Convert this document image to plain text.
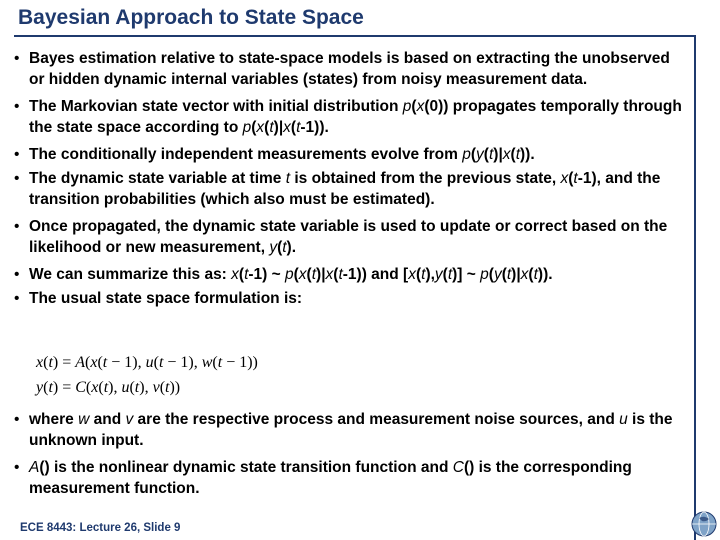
Bayesian Approach to State Space
• Bayes estimation relative to state-space models is based on extracting the unobserved or hidden dynamic internal variables (states) from noisy measurement data.
• The Markovian state vector with initial distribution p(x(0)) propagates temporally through the state space according to p(x(t)|x(t-1)).
• The conditionally independent measurements evolve from p(y(t)|x(t)).
• The dynamic state variable at time t is obtained from the previous state, x(t-1), and the transition probabilities (which also must be estimated).
• Once propagated, the dynamic state variable is used to update or correct based on the likelihood or new measurement, y(t).
• We can summarize this as: x(t-1) ~ p(x(t)|x(t-1)) and [x(t),y(t)] ~ p(y(t)|x(t)).
• The usual state space formulation is:
x(t) = A(x(t − 1), u(t − 1), w(t − 1))
y(t) = C(x(t), u(t), v(t))
• where w and v are the respective process and measurement noise sources, and u is the unknown input.
• A() is the nonlinear dynamic state transition function and C() is the corresponding measurement function.
ECE 8443: Lecture 26, Slide 9
